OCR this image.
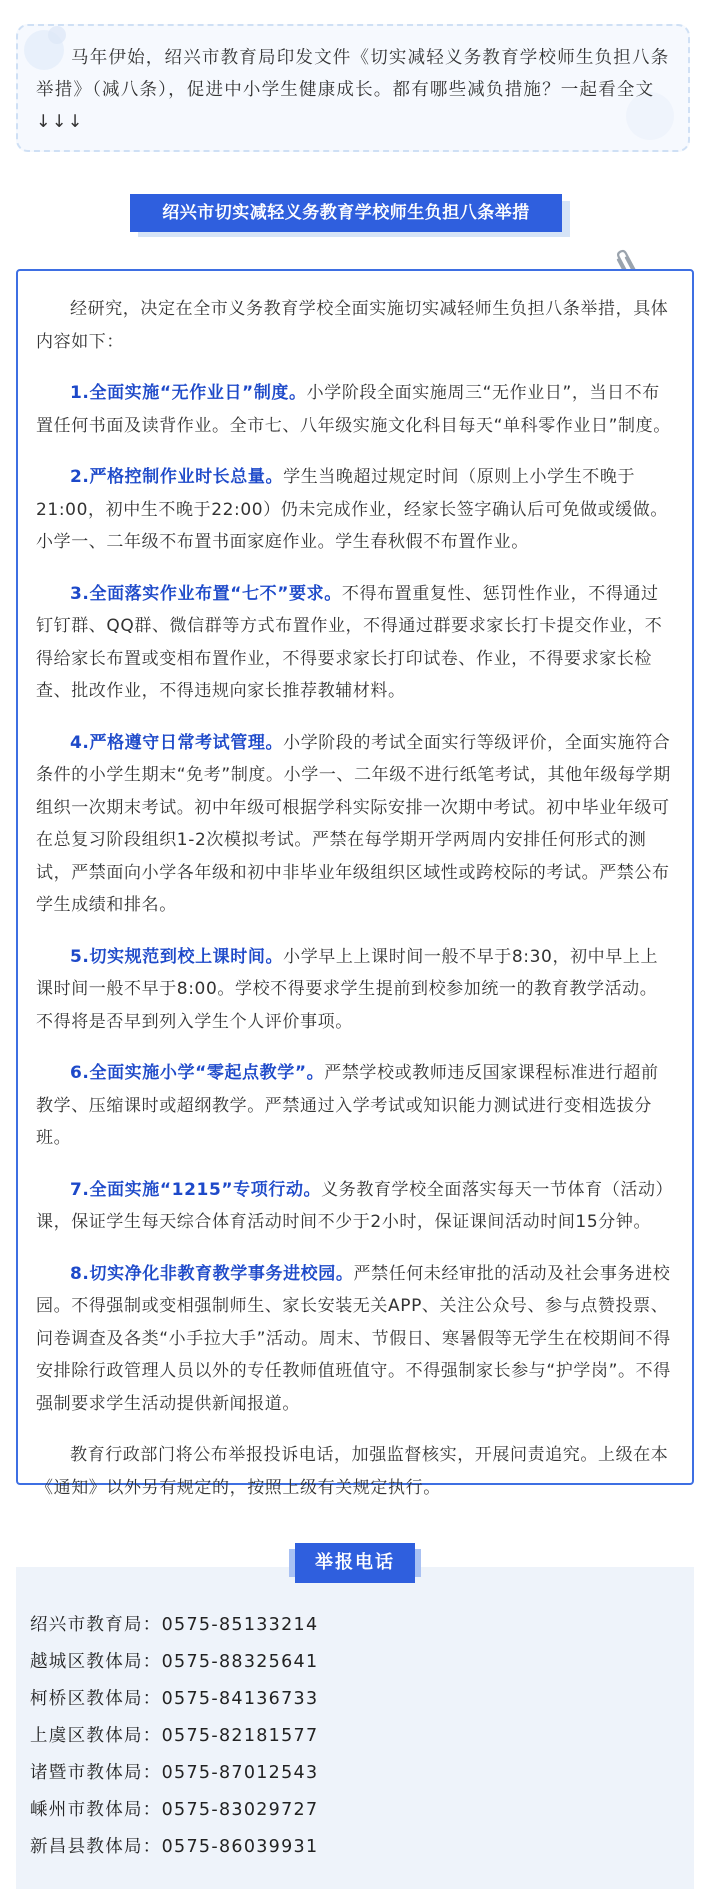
马年伊始，绍兴市教育局印发文件《切实减轻义务教育学校师生负担八条举措》（减八条），促进中小学生健康成长。都有哪些减负措施？一起看全文↓↓↓
绍兴市切实减轻义务教育学校师生负担八条举措

经研究，决定在全市义务教育学校全面实施切实减轻师生负担八条举措，具体内容如下：

1.全面实施“无作业日”制度。小学阶段全面实施周三“无作业日”，当日不布置任何书面及读背作业。全市七、八年级实施文化科目每天“单科零作业日”制度。

2.严格控制作业时长总量。学生当晚超过规定时间（原则上小学生不晚于21:00，初中生不晚于22:00）仍未完成作业，经家长签字确认后可免做或缓做。小学一、二年级不布置书面家庭作业。学生春秋假不布置作业。

3.全面落实作业布置“七不”要求。不得布置重复性、惩罚性作业，不得通过钉钉群、QQ群、微信群等方式布置作业，不得通过群要求家长打卡提交作业，不得给家长布置或变相布置作业，不得要求家长打印试卷、作业，不得要求家长检查、批改作业，不得违规向家长推荐教辅材料。

4.严格遵守日常考试管理。小学阶段的考试全面实行等级评价，全面实施符合条件的小学生期末“免考”制度。小学一、二年级不进行纸笔考试，其他年级每学期组织一次期末考试。初中年级可根据学科实际安排一次期中考试。初中毕业年级可在总复习阶段组织1-2次模拟考试。严禁在每学期开学两周内安排任何形式的测试，严禁面向小学各年级和初中非毕业年级组织区域性或跨校际的考试。严禁公布学生成绩和排名。

5.切实规范到校上课时间。小学早上上课时间一般不早于8:30，初中早上上课时间一般不早于8:00。学校不得要求学生提前到校参加统一的教育教学活动。不得将是否早到列入学生个人评价事项。

6.全面实施小学“零起点教学”。严禁学校或教师违反国家课程标准进行超前教学、压缩课时或超纲教学。严禁通过入学考试或知识能力测试进行变相选拔分班。

7.全面实施“1215”专项行动。义务教育学校全面落实每天一节体育（活动）课，保证学生每天综合体育活动时间不少于2小时，保证课间活动时间15分钟。

8.切实净化非教育教学事务进校园。严禁任何未经审批的活动及社会事务进校园。不得强制或变相强制师生、家长安装无关APP、关注公众号、参与点赞投票、问卷调查及各类“小手拉大手”活动。周末、节假日、寒暑假等无学生在校期间不得安排除行政管理人员以外的专任教师值班值守。不得强制家长参与“护学岗”。不得强制要求学生活动提供新闻报道。

教育行政部门将公布举报投诉电话，加强监督核实，开展问责追究。上级在本《通知》以外另有规定的，按照上级有关规定执行。

绍兴市教育局：0575-85133214
越城区教体局：0575-88325641
柯桥区教体局：0575-84136733
上虞区教体局：0575-82181577
诸暨市教体局：0575-87012543
嵊州市教体局：0575-83029727
新昌县教体局：0575-86039931
举报电话
